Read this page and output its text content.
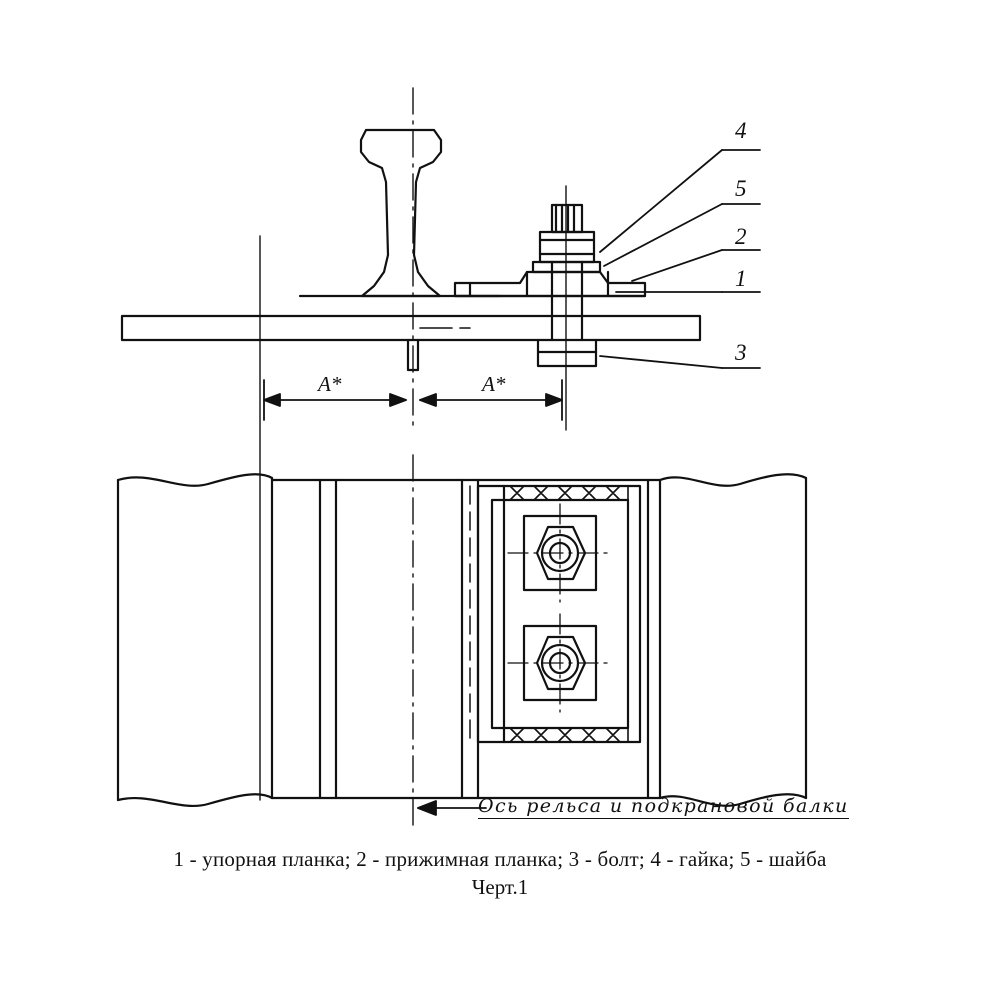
4
5
2
1
3
A*	A*
Ось рельса и подкрановой балки
1 - упорная планка; 2 - прижимная планка; 3 - болт; 4 - гайка; 5 - шайба
Черт.1
